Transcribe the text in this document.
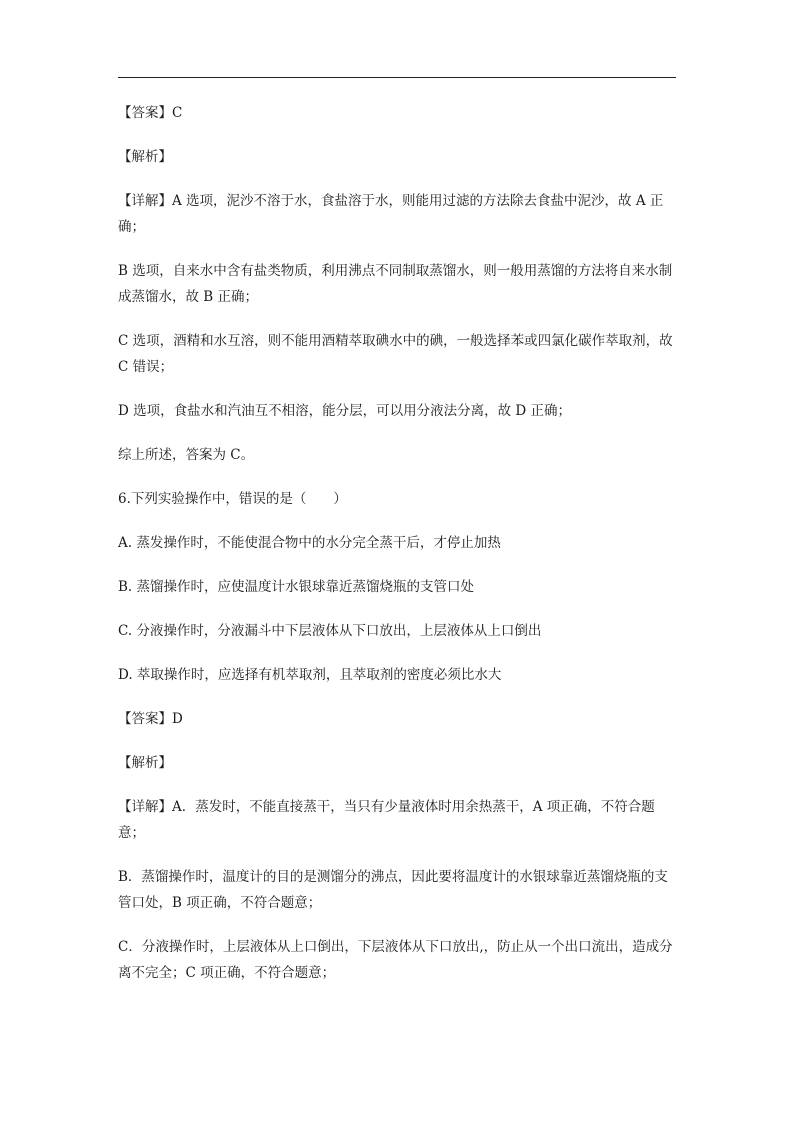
【答案】C

【解析】

【详解】A 选项，泥沙不溶于水，食盐溶于水，则能用过滤的方法除去食盐中泥沙，故 A 正确；

B 选项，自来水中含有盐类物质，利用沸点不同制取蒸馏水，则一般用蒸馏的方法将自来水制成蒸馏水，故 B 正确；

C 选项，酒精和水互溶，则不能用酒精萃取碘水中的碘，一般选择苯或四氯化碳作萃取剂，故 C 错误；

D 选项，食盐水和汽油互不相溶，能分层，可以用分液法分离，故 D 正确；

综上所述，答案为 C。

6.下列实验操作中，错误的是（　　）

A. 蒸发操作时，不能使混合物中的水分完全蒸干后，才停止加热

B. 蒸馏操作时，应使温度计水银球靠近蒸馏烧瓶的支管口处

C. 分液操作时，分液漏斗中下层液体从下口放出，上层液体从上口倒出

D. 萃取操作时，应选择有机萃取剂，且萃取剂的密度必须比水大

【答案】D

【解析】

【详解】A．蒸发时，不能直接蒸干，当只有少量液体时用余热蒸干，A 项正确，不符合题意；

B．蒸馏操作时，温度计的目的是测馏分的沸点，因此要将温度计的水银球靠近蒸馏烧瓶的支管口处，B 项正确，不符合题意；

C．分液操作时，上层液体从上口倒出，下层液体从下口放出,，防止从一个出口流出，造成分离不完全；C 项正确，不符合题意；
